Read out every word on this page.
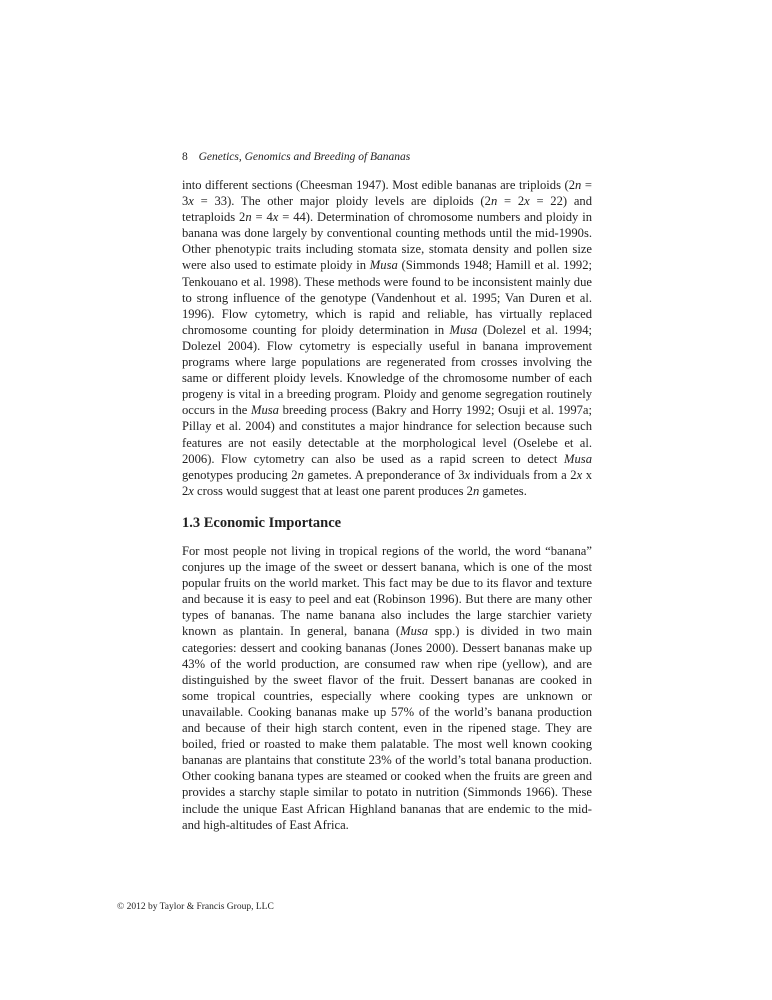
8 Genetics, Genomics and Breeding of Bananas

into different sections (Cheesman 1947). Most edible bananas are triploids (2n = 3x = 33). The other major ploidy levels are diploids (2n = 2x = 22) and tetraploids 2n = 4x = 44). Determination of chromosome numbers and ploidy in banana was done largely by conventional counting methods until the mid-1990s. Other phenotypic traits including stomata size, stomata density and pollen size were also used to estimate ploidy in Musa (Simmonds 1948; Hamill et al. 1992; Tenkouano et al. 1998). These methods were found to be inconsistent mainly due to strong influence of the genotype (Vandenhout et al. 1995; Van Duren et al. 1996). Flow cytometry, which is rapid and reliable, has virtually replaced chromosome counting for ploidy determination in Musa (Dolezel et al. 1994; Dolezel 2004). Flow cytometry is especially useful in banana improvement programs where large populations are regenerated from crosses involving the same or different ploidy levels. Knowledge of the chromosome number of each progeny is vital in a breeding program. Ploidy and genome segregation routinely occurs in the Musa breeding process (Bakry and Horry 1992; Osuji et al. 1997a; Pillay et al. 2004) and constitutes a major hindrance for selection because such features are not easily detectable at the morphological level (Oselebe et al. 2006). Flow cytometry can also be used as a rapid screen to detect Musa genotypes producing 2n gametes. A preponderance of 3x individuals from a 2x x 2x cross would suggest that at least one parent produces 2n gametes.

1.3 Economic Importance

For most people not living in tropical regions of the world, the word “banana” conjures up the image of the sweet or dessert banana, which is one of the most popular fruits on the world market. This fact may be due to its flavor and texture and because it is easy to peel and eat (Robinson 1996). But there are many other types of bananas. The name banana also includes the large starchier variety known as plantain. In general, banana (Musa spp.) is divided in two main categories: dessert and cooking bananas (Jones 2000). Dessert bananas make up 43% of the world production, are consumed raw when ripe (yellow), and are distinguished by the sweet flavor of the fruit. Dessert bananas are cooked in some tropical countries, especially where cooking types are unknown or unavailable. Cooking bananas make up 57% of the world’s banana production and because of their high starch content, even in the ripened stage. They are boiled, fried or roasted to make them palatable. The most well known cooking bananas are plantains that constitute 23% of the world’s total banana production. Other cooking banana types are steamed or cooked when the fruits are green and provides a starchy staple similar to potato in nutrition (Simmonds 1966). These include the unique East African Highland bananas that are endemic to the mid- and high-altitudes of East Africa.

© 2012 by Taylor & Francis Group, LLC
